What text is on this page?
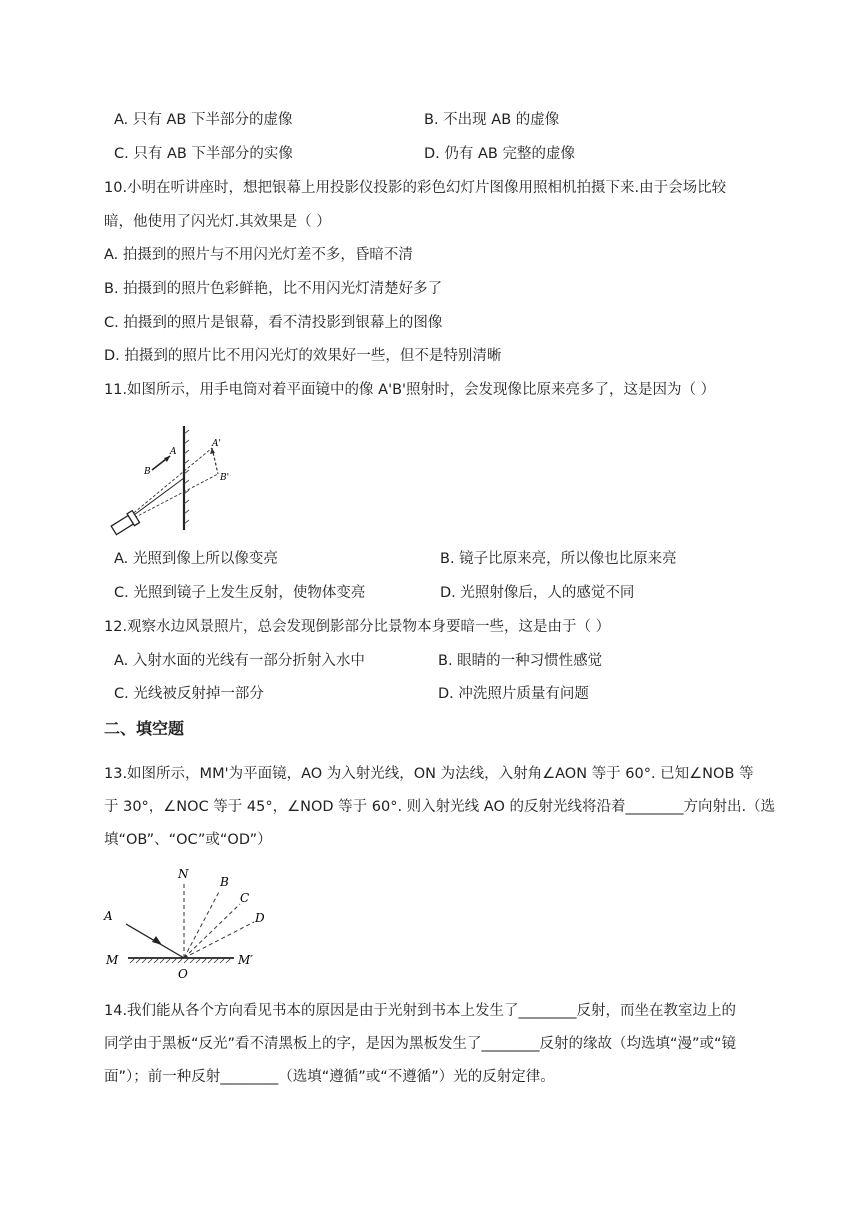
A. 只有 AB 下半部分的虚像	B. 不出现 AB 的虚像
C. 只有 AB 下半部分的实像	D. 仍有 AB 完整的虚像
10.小明在听讲座时，想把银幕上用投影仪投影的彩色幻灯片图像用照相机拍摄下来.由于会场比较
暗，他使用了闪光灯.其效果是（ ）
A. 拍摄到的照片与不用闪光灯差不多，昏暗不清
B. 拍摄到的照片色彩鲜艳，比不用闪光灯清楚好多了
C. 拍摄到的照片是银幕，看不清投影到银幕上的图像
D. 拍摄到的照片比不用闪光灯的效果好一些，但不是特别清晰
11.如图所示，用手电筒对着平面镜中的像 A'B'照射时，会发现像比原来亮多了，这是因为（ ）
B
A
A'
B'
A. 光照到像上所以像变亮	B. 镜子比原来亮，所以像也比原来亮
C. 光照到镜子上发生反射，使物体变亮	D. 光照射像后，人的感觉不同
12.观察水边风景照片，总会发现倒影部分比景物本身要暗一些，这是由于（ ）
A. 入射水面的光线有一部分折射入水中	B. 眼睛的一种习惯性感觉
C. 光线被反射掉一部分	D. 冲洗照片质量有问题
二、填空题
13.如图所示，MM'为平面镜，AO 为入射光线，ON 为法线，入射角∠AON 等于 60°. 已知∠NOB 等
于 30°，∠NOC 等于 45°，∠NOD 等于 60°. 则入射光线 AO 的反射光线将沿着________方向射出.（选
填“OB”、“OC”或“OD”）
N
B
C
D
A
M	M′
O
14.我们能从各个方向看见书本的原因是由于光射到书本上发生了________反射，而坐在教室边上的
同学由于黑板“反光”看不清黑板上的字，是因为黑板发生了________反射的缘故（均选填“漫”或“镜
面”）；前一种反射________（选填“遵循”或“不遵循”）光的反射定律。
